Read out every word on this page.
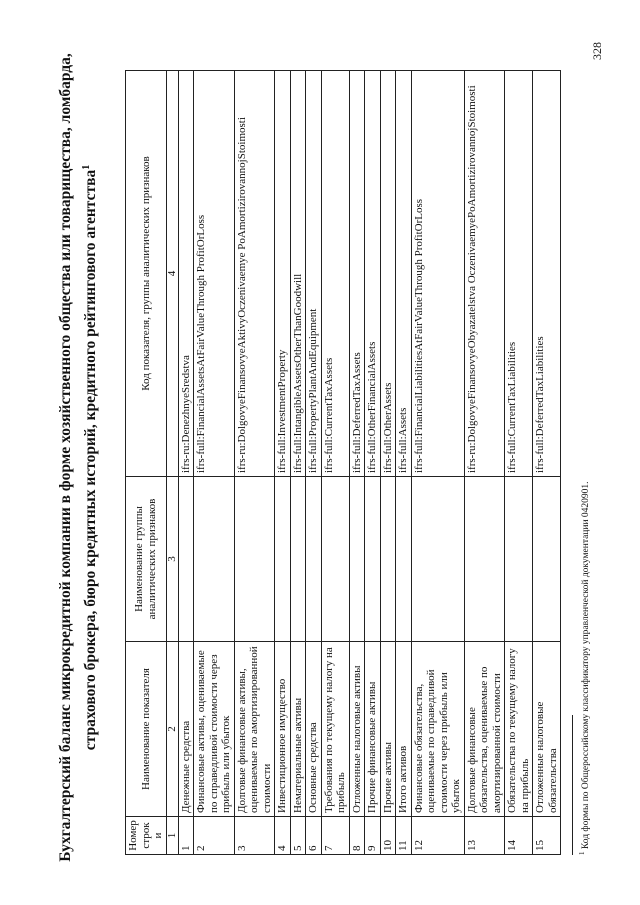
Бухгалтерский баланс микрокредитной компании в форме хозяйственного общества или товарищества, ломбарда, страхового брокера, бюро кредитных историй, кредитного рейтингового агентства$^1$
Номер строки	Наименование показателя	Наименование группы аналитических признаков	Код показателя, группы аналитических признаков
1	2	3	4
1	Денежные средства		ifrs-ru:DenezhnyeSredstva
2	Финансовые активы, оцениваемые по справедливой стоимости через прибыль или убыток		ifrs-full:FinancialAssetsAtFairValueThrough ProfitOrLoss
3	Долговые финансовые активы, оцениваемые по амортизированной стоимости		ifrs-ru:DolgovyeFinansovyeAktivyOczenivaemye PoAmortizirovannojStoimosti
4	Инвестиционное имущество		ifrs-full:InvestmentProperty
5	Нематериальные активы		ifrs-full:IntangibleAssetsOtherThanGoodwill
6	Основные средства		ifrs-full:PropertyPlantAndEquipment
7	Требования по текущему налогу на прибыль		ifrs-full:CurrentTaxAssets
8	Отложенные налоговые активы		ifrs-full:DeferredTaxAssets
9	Прочие финансовые активы		ifrs-full:OtherFinancialAssets
10	Прочие активы		ifrs-full:OtherAssets
11	Итого активов		ifrs-full:Assets
12	Финансовые обязательства, оцениваемые по справедливой стоимости через прибыль или убыток		ifrs-full:FinancialLiabilitiesAtFairValueThrough ProfitOrLoss
13	Долговые финансовые обязательства, оцениваемые по амортизированной стоимости		ifrs-ru:DolgovyeFinansovyeObyazatelstva OczenivaemyePoAmortizirovannojStoimosti
14	Обязательства по текущему налогу на прибыль		ifrs-full:CurrentTaxLiabilities
15	Отложенные налоговые обязательства		ifrs-full:DeferredTaxLiabilities
$^1$ Код формы по Общероссийскому классификатору управленческой документации 0420901.
328
